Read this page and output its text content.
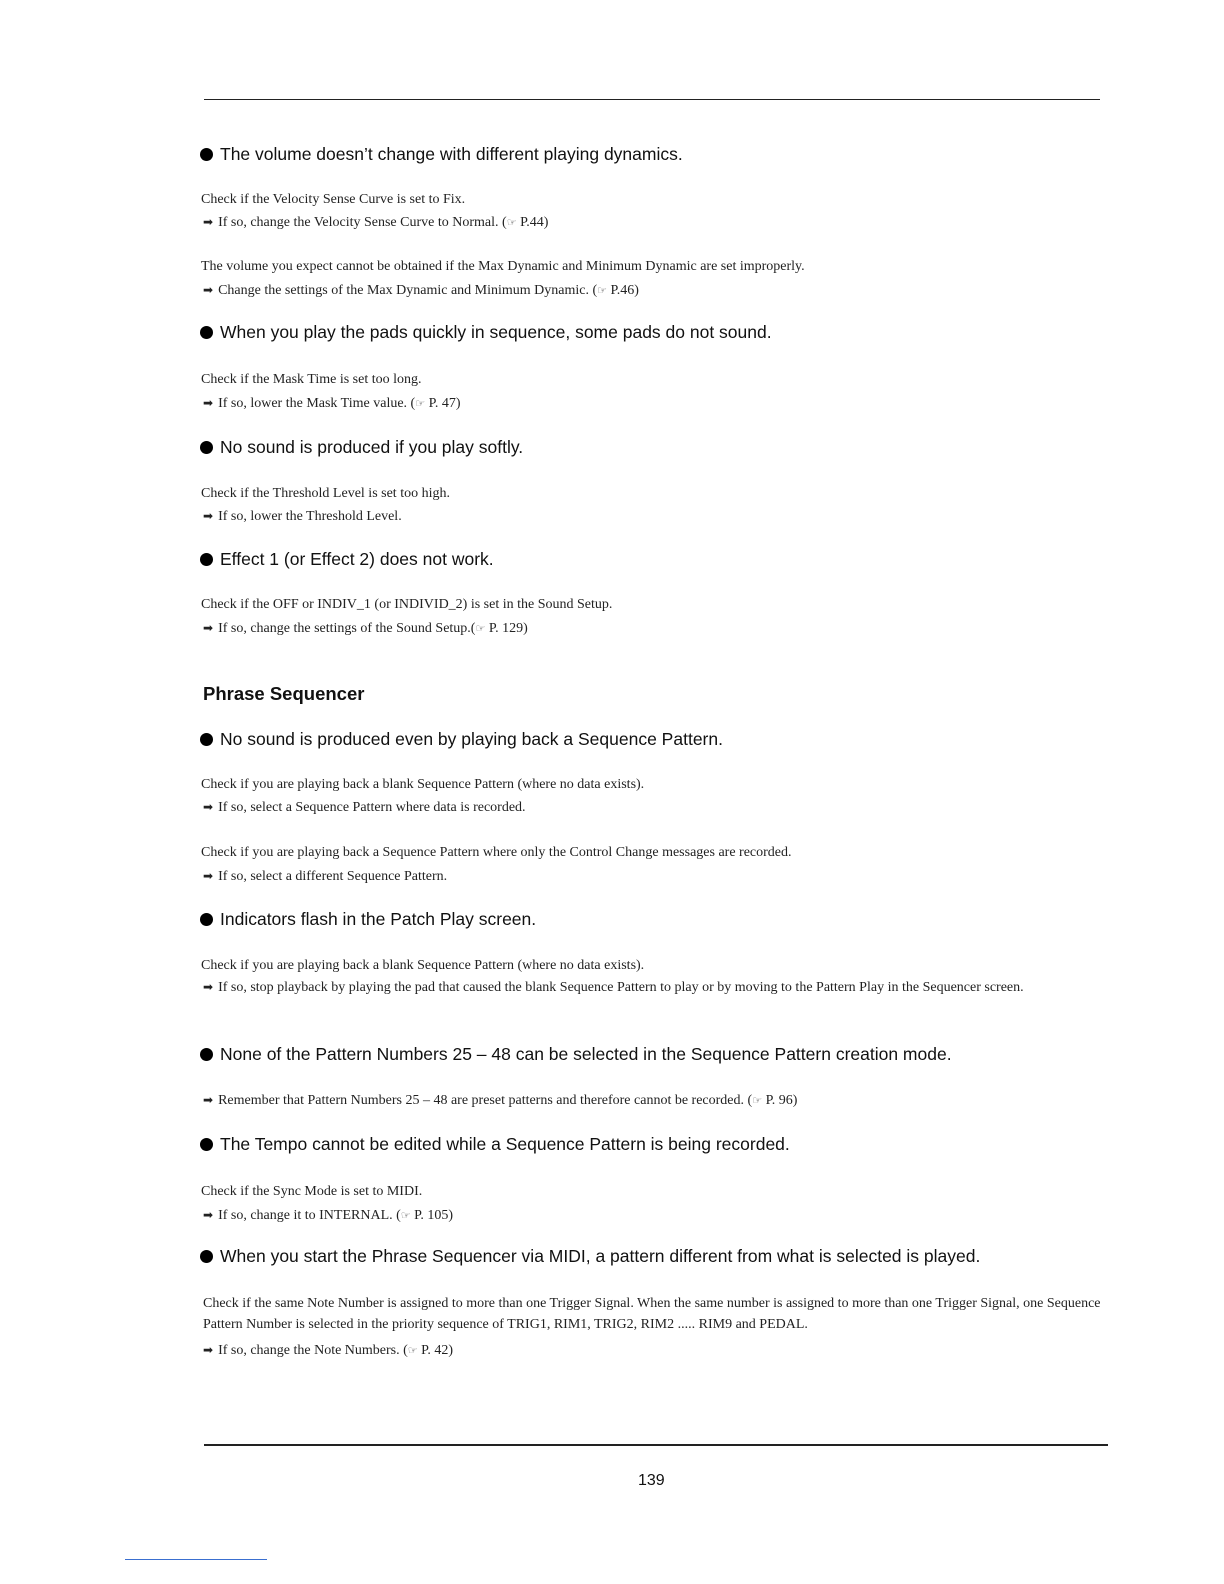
The volume doesn’t change with different playing dynamics.
Check if the Velocity Sense Curve is set to Fix.
➡ If so, change the Velocity Sense Curve to Normal. (☞ P.44)
The volume you expect cannot be obtained if the Max Dynamic and Minimum Dynamic are set improperly.
➡ Change the settings of the Max Dynamic and Minimum Dynamic. (☞ P.46)
When you play the pads quickly in sequence, some pads do not sound.
Check if the Mask Time is set too long.
➡ If so, lower the Mask Time value. (☞ P. 47)
No sound is produced if you play softly.
Check if the Threshold Level is set too high.
➡ If so, lower the Threshold Level.
Effect 1 (or Effect 2) does not work.
Check if the OFF or INDIV_1 (or INDIVID_2) is set in the Sound Setup.
➡ If so, change the settings of the Sound Setup.(☞ P. 129)
Phrase Sequencer
No sound is produced even by playing back a Sequence Pattern.
Check if you are playing back a blank Sequence Pattern (where no data exists).
➡ If so, select a Sequence Pattern where data is recorded.
Check if you are playing back a Sequence Pattern where only the Control Change messages are recorded.
➡ If so, select a different Sequence Pattern.
Indicators flash in the Patch Play screen.
Check if you are playing back a blank Sequence Pattern (where no data exists).
➡ If so, stop playback by playing the pad that caused the blank Sequence Pattern to play or by moving to the Pattern Play in the Sequencer screen.
None of the Pattern Numbers 25 – 48 can be selected in the Sequence Pattern creation mode.
➡ Remember that Pattern Numbers 25 – 48 are preset patterns and therefore cannot be recorded. (☞ P. 96)
The Tempo cannot be edited while a Sequence Pattern is being recorded.
Check if the Sync Mode is set to MIDI.
➡ If so, change it to INTERNAL. (☞ P. 105)
When you start the Phrase Sequencer via MIDI, a pattern different from what is selected is played.
Check if the same Note Number is assigned to more than one Trigger Signal. When the same number is assigned to more than one Trigger Signal, one Sequence Pattern Number is selected in the priority sequence of TRIG1, RIM1, TRIG2, RIM2 ..... RIM9 and PEDAL.
➡ If so, change the Note Numbers. (☞ P. 42)
139
